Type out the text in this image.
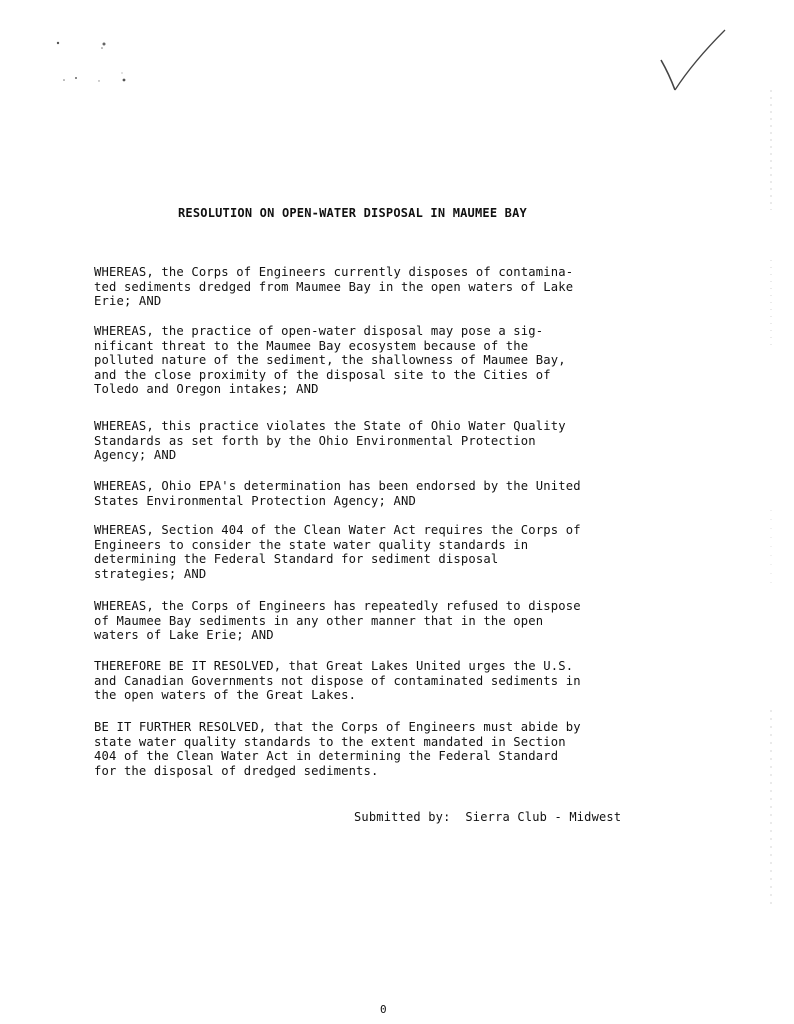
RESOLUTION ON OPEN-WATER DISPOSAL IN MAUMEE BAY
WHEREAS, the Corps of Engineers currently disposes of contamina-
ted sediments dredged from Maumee Bay in the open waters of Lake
Erie; AND
WHEREAS, the practice of open-water disposal may pose a sig-
nificant threat to the Maumee Bay ecosystem because of the
polluted nature of the sediment, the shallowness of Maumee Bay,
and the close proximity of the disposal site to the Cities of
Toledo and Oregon intakes; AND
WHEREAS, this practice violates the State of Ohio Water Quality
Standards as set forth by the Ohio Environmental Protection
Agency; AND
WHEREAS, Ohio EPA's determination has been endorsed by the United
States Environmental Protection Agency; AND
WHEREAS, Section 404 of the Clean Water Act requires the Corps of
Engineers to consider the state water quality standards in
determining the Federal Standard for sediment disposal
strategies; AND
WHEREAS, the Corps of Engineers has repeatedly refused to dispose
of Maumee Bay sediments in any other manner that in the open
waters of Lake Erie; AND
THEREFORE BE IT RESOLVED, that Great Lakes United urges the U.S.
and Canadian Governments not dispose of contaminated sediments in
the open waters of the Great Lakes.
BE IT FURTHER RESOLVED, that the Corps of Engineers must abide by
state water quality standards to the extent mandated in Section
404 of the Clean Water Act in determining the Federal Standard
for the disposal of dredged sediments.
Submitted by:  Sierra Club - Midwest
0
